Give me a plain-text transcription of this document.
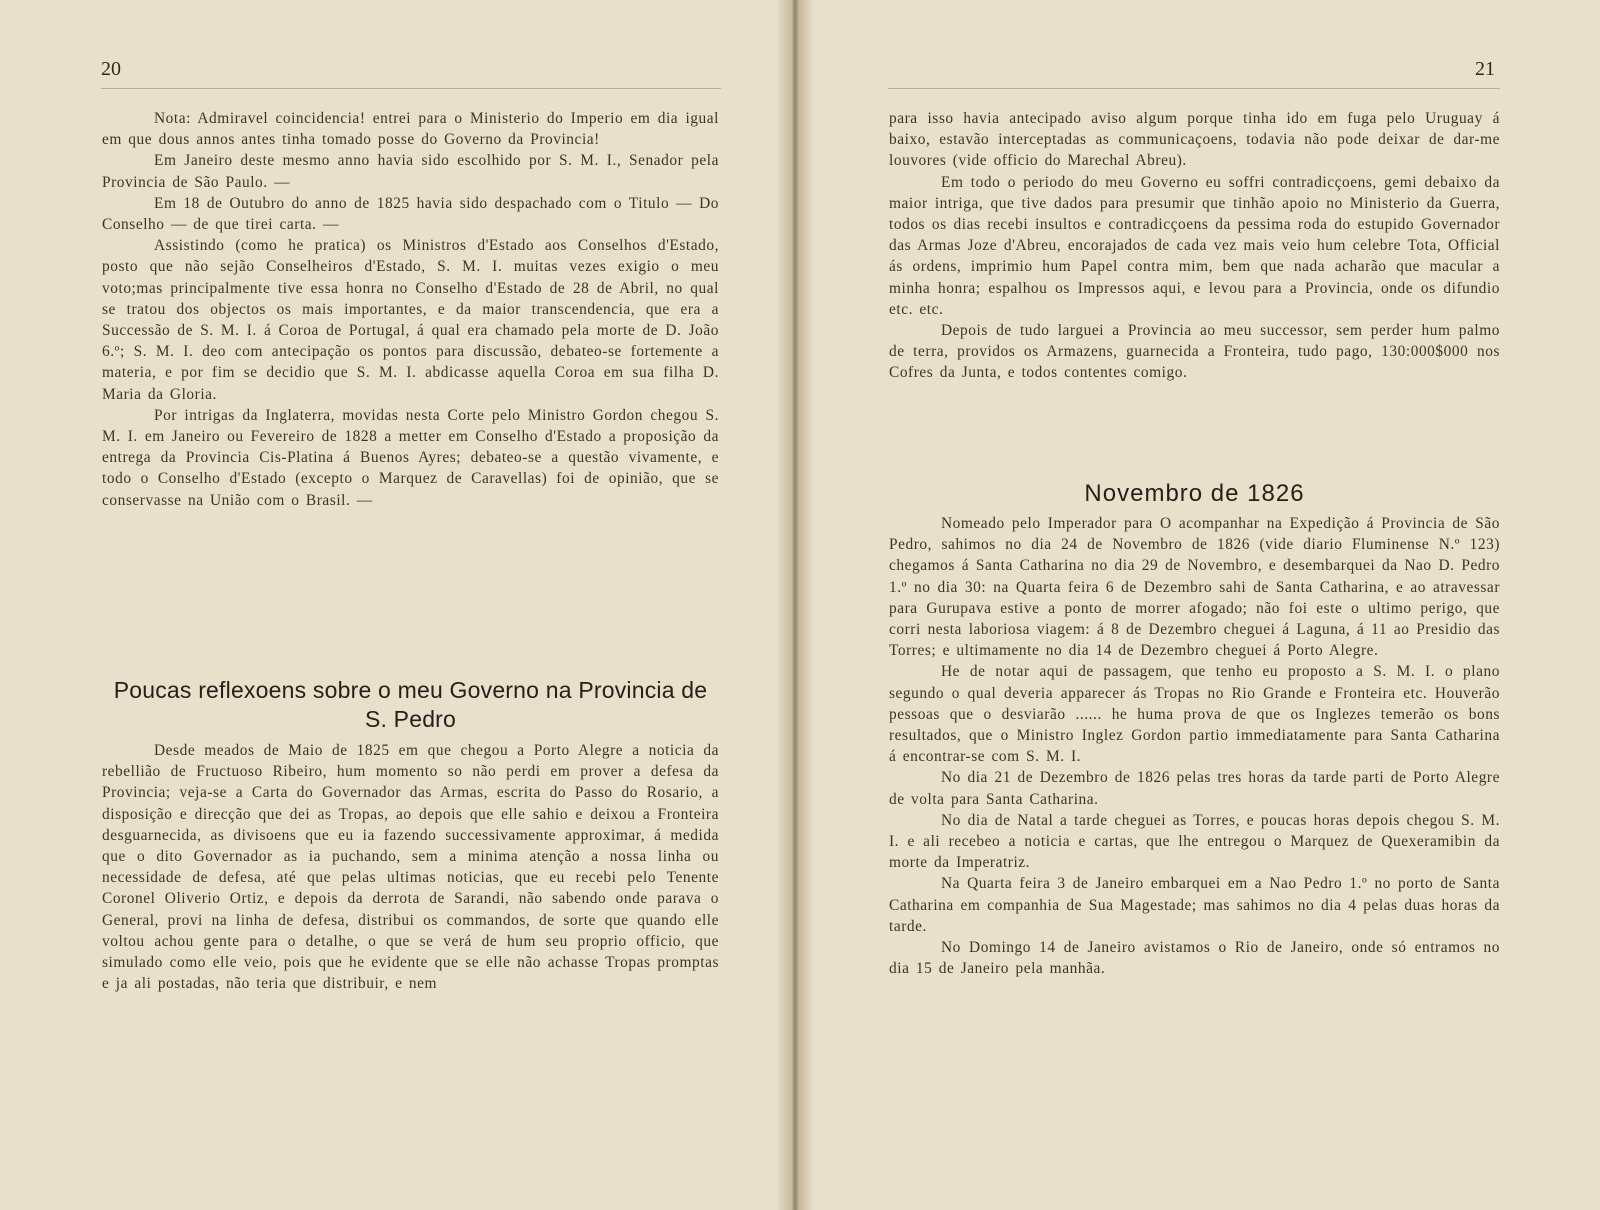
20

Nota: Admiravel coincidencia! entrei para o Ministerio do Imperio em dia igual em que dous annos antes tinha tomado posse do Governo da Provincia!

Em Janeiro deste mesmo anno havia sido escolhido por S. M. I., Senador pela Provincia de São Paulo. —

Em 18 de Outubro do anno de 1825 havia sido despachado com o Titulo — Do Conselho — de que tirei carta. —

Assistindo (como he pratica) os Ministros d'Estado aos Conselhos d'Estado, posto que não sejão Conselheiros d'Estado, S. M. I. muitas vezes exigio o meu voto;mas principalmente tive essa honra no Conselho d'Estado de 28 de Abril, no qual se tratou dos objectos os mais importantes, e da maior transcendencia, que era a Successão de S. M. I. á Coroa de Portugal, á qual era chamado pela morte de D. João 6.º; S. M. I. deo com antecipação os pontos para discussão, debateo-se fortemente a materia, e por fim se decidio que S. M. I. abdicasse aquella Coroa em sua filha D. Maria da Gloria.

Por intrigas da Inglaterra, movidas nesta Corte pelo Ministro Gordon chegou S. M. I. em Janeiro ou Fevereiro de 1828 a metter em Conselho d'Estado a proposição da entrega da Provincia Cis-Platina á Buenos Ayres; debateo-se a questão vivamente, e todo o Conselho d'Estado (excepto o Marquez de Caravellas) foi de opinião, que se conservasse na União com o Brasil. —

Poucas reflexoens sobre o meu Governo na Provincia de S. Pedro

Desde meados de Maio de 1825 em que chegou a Porto Alegre a noticia da rebellião de Fructuoso Ribeiro, hum momento so não perdi em prover a defesa da Provincia; veja-se a Carta do Governador das Armas, escrita do Passo do Rosario, a disposição e direcção que dei as Tropas, ao depois que elle sahio e deixou a Fronteira desguarnecida, as divisoens que eu ia fazendo successivamente approximar, á medida que o dito Governador as ia puchando, sem a minima atenção a nossa linha ou necessidade de defesa, até que pelas ultimas noticias, que eu recebi pelo Tenente Coronel Oliverio Ortiz, e depois da derrota de Sarandi, não sabendo onde parava o General, provi na linha de defesa, distribui os commandos, de sorte que quando elle voltou achou gente para o detalhe, o que se verá de hum seu proprio officio, que simulado como elle veio, pois que he evidente que se elle não achasse Tropas promptas e ja ali postadas, não teria que distribuir, e nem

21

para isso havia antecipado aviso algum porque tinha ido em fuga pelo Uruguay á baixo, estavão interceptadas as communicaçoens, todavia não pode deixar de dar-me louvores (vide officio do Marechal Abreu).

Em todo o periodo do meu Governo eu soffri contradicçoens, gemi debaixo da maior intriga, que tive dados para presumir que tinhão apoio no Ministerio da Guerra, todos os dias recebi insultos e contradicçoens da pessima roda do estupido Governador das Armas Joze d'Abreu, encorajados de cada vez mais veio hum celebre Tota, Official ás ordens, imprimio hum Papel contra mim, bem que nada acharão que macular a minha honra; espalhou os Impressos aqui, e levou para a Provincia, onde os difundio etc. etc.

Depois de tudo larguei a Provincia ao meu successor, sem perder hum palmo de terra, providos os Armazens, guarnecida a Fronteira, tudo pago, 130:000$000 nos Cofres da Junta, e todos contentes comigo.

Novembro de 1826

Nomeado pelo Imperador para O acompanhar na Expedição á Provincia de São Pedro, sahimos no dia 24 de Novembro de 1826 (vide diario Fluminense N.º 123) chegamos á Santa Catharina no dia 29 de Novembro, e desembarquei da Nao D. Pedro 1.º no dia 30: na Quarta feira 6 de Dezembro sahi de Santa Catharina, e ao atravessar para Gurupava estive a ponto de morrer afogado; não foi este o ultimo perigo, que corri nesta laboriosa viagem: á 8 de Dezembro cheguei á Laguna, á 11 ao Presidio das Torres; e ultimamente no dia 14 de Dezembro cheguei á Porto Alegre.

He de notar aqui de passagem, que tenho eu proposto a S. M. I. o plano segundo o qual deveria apparecer ás Tropas no Rio Grande e Fronteira etc. Houverão pessoas que o desviarão ...... he huma prova de que os Inglezes temerão os bons resultados, que o Ministro Inglez Gordon partio immediatamente para Santa Catharina á encontrar-se com S. M. I.

No dia 21 de Dezembro de 1826 pelas tres horas da tarde parti de Porto Alegre de volta para Santa Catharina.

No dia de Natal a tarde cheguei as Torres, e poucas horas depois chegou S. M. I. e ali recebeo a noticia e cartas, que lhe entregou o Marquez de Quexeramibin da morte da Imperatriz.

Na Quarta feira 3 de Janeiro embarquei em a Nao Pedro 1.º no porto de Santa Catharina em companhia de Sua Magestade; mas sahimos no dia 4 pelas duas horas da tarde.

No Domingo 14 de Janeiro avistamos o Rio de Janeiro, onde só entramos no dia 15 de Janeiro pela manhãa.
